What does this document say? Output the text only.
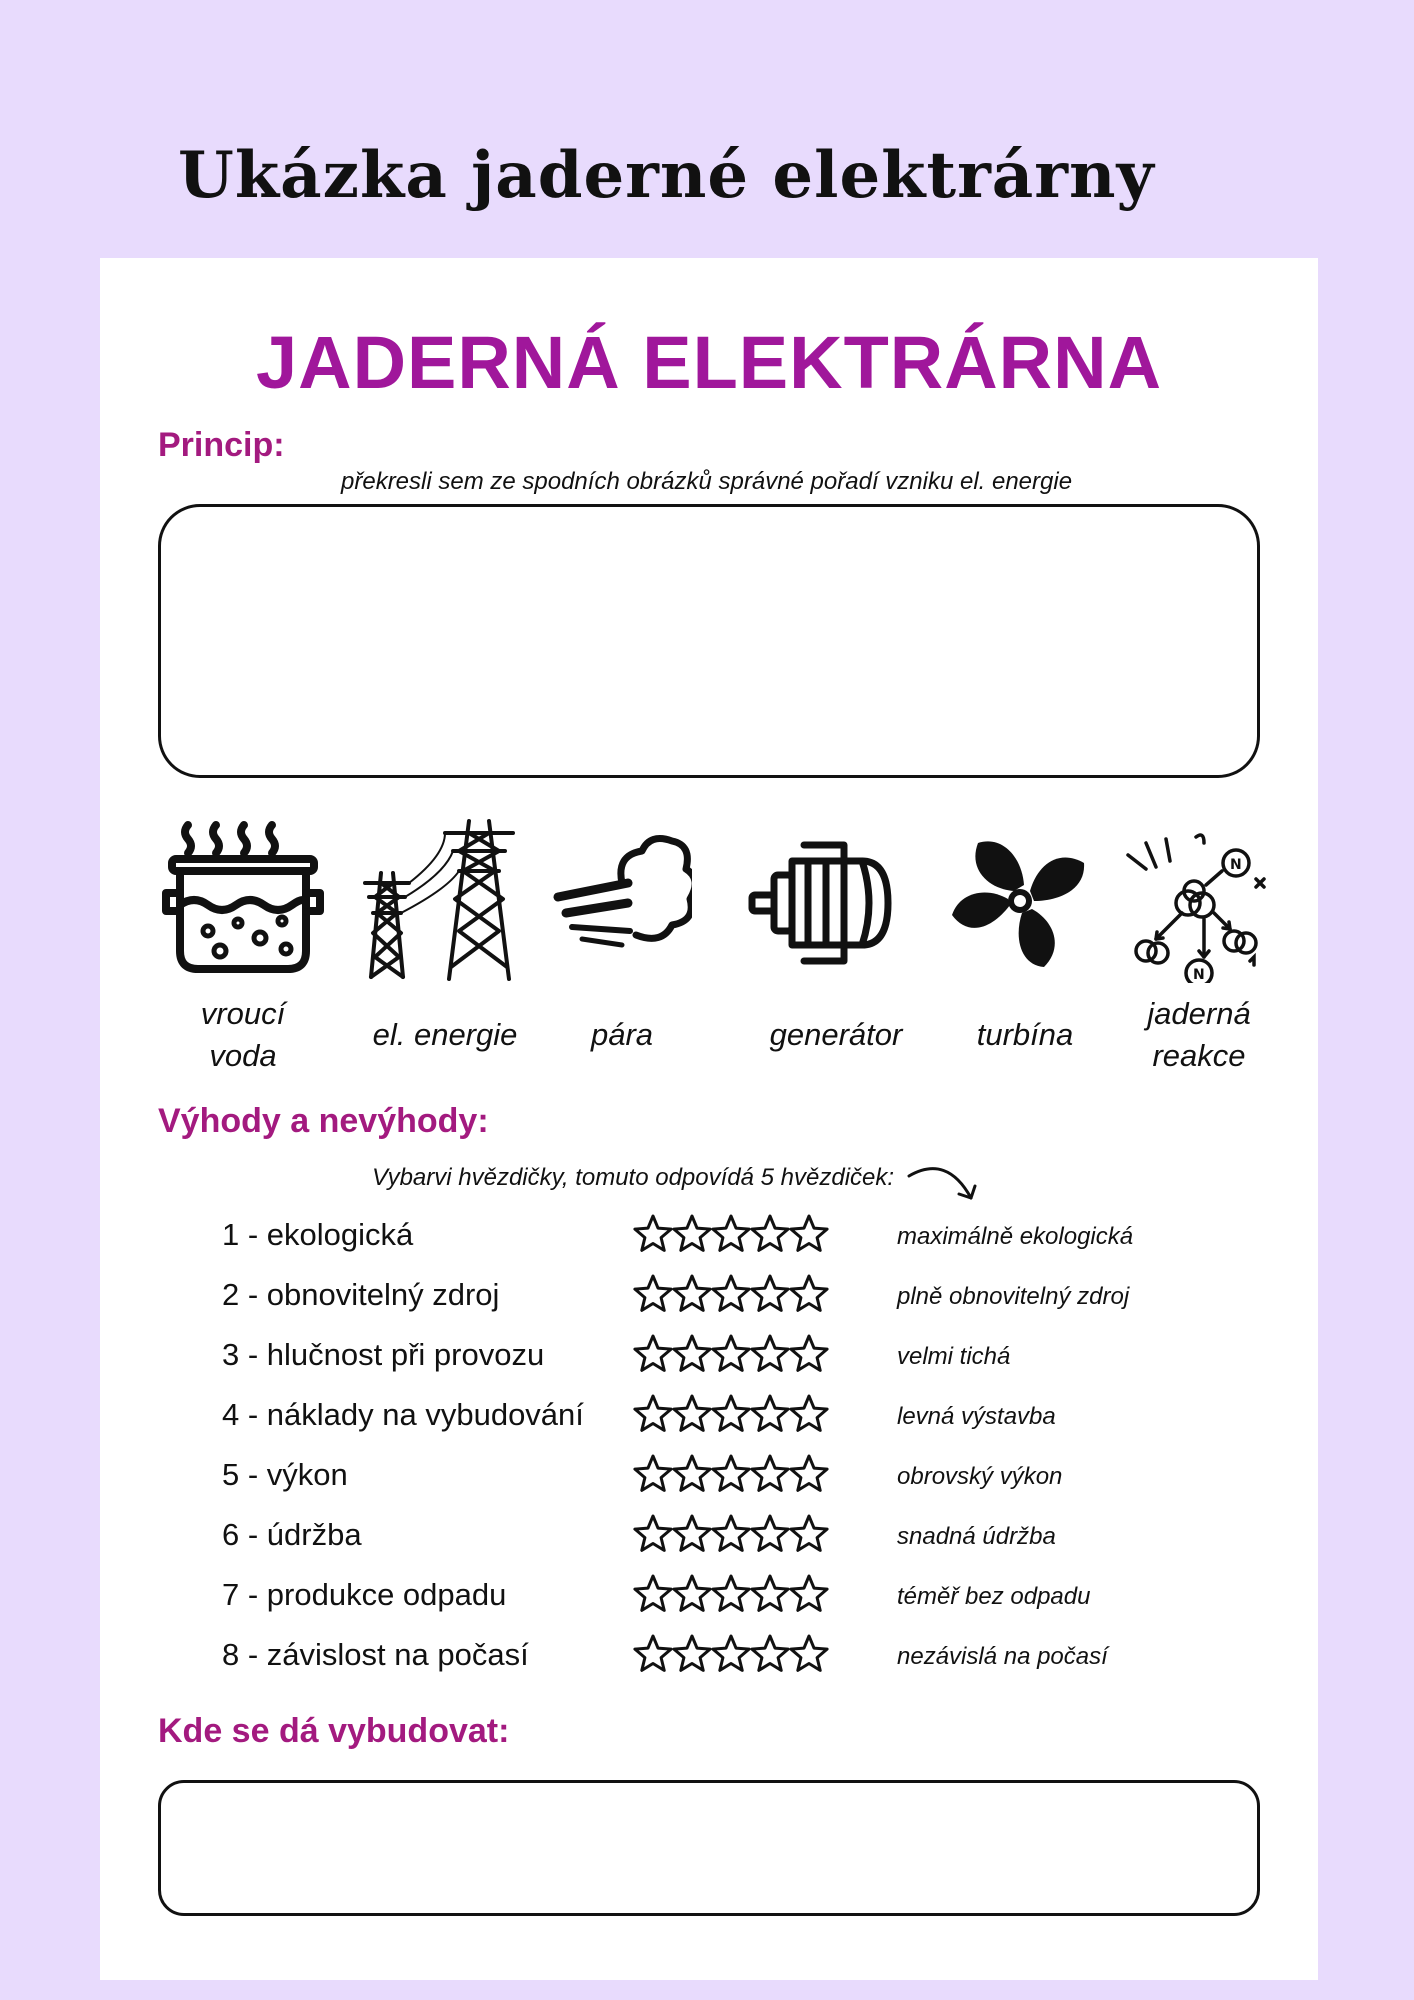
Ukázka jaderné elektrárny
JADERNÁ ELEKTRÁRNA
Princip:
překresli sem ze spodních obrázků správné pořadí vzniku el. energie
N
N
vroucí
voda
el. energie	pára	generátor	turbína
jaderná
reakce
Výhody a nevýhody:
Vybarvi hvězdičky, tomuto odpovídá 5 hvězdiček:
1 - ekologická	maximálně ekologická
2 - obnovitelný zdroj	plně obnovitelný zdroj
3 - hlučnost při provozu	velmi tichá
4 - náklady na vybudování	levná výstavba
5 - výkon	obrovský výkon
6 - údržba	snadná údržba
7 - produkce odpadu	téměř bez odpadu
8 - závislost na počasí	nezávislá na počasí
Kde se dá vybudovat:
